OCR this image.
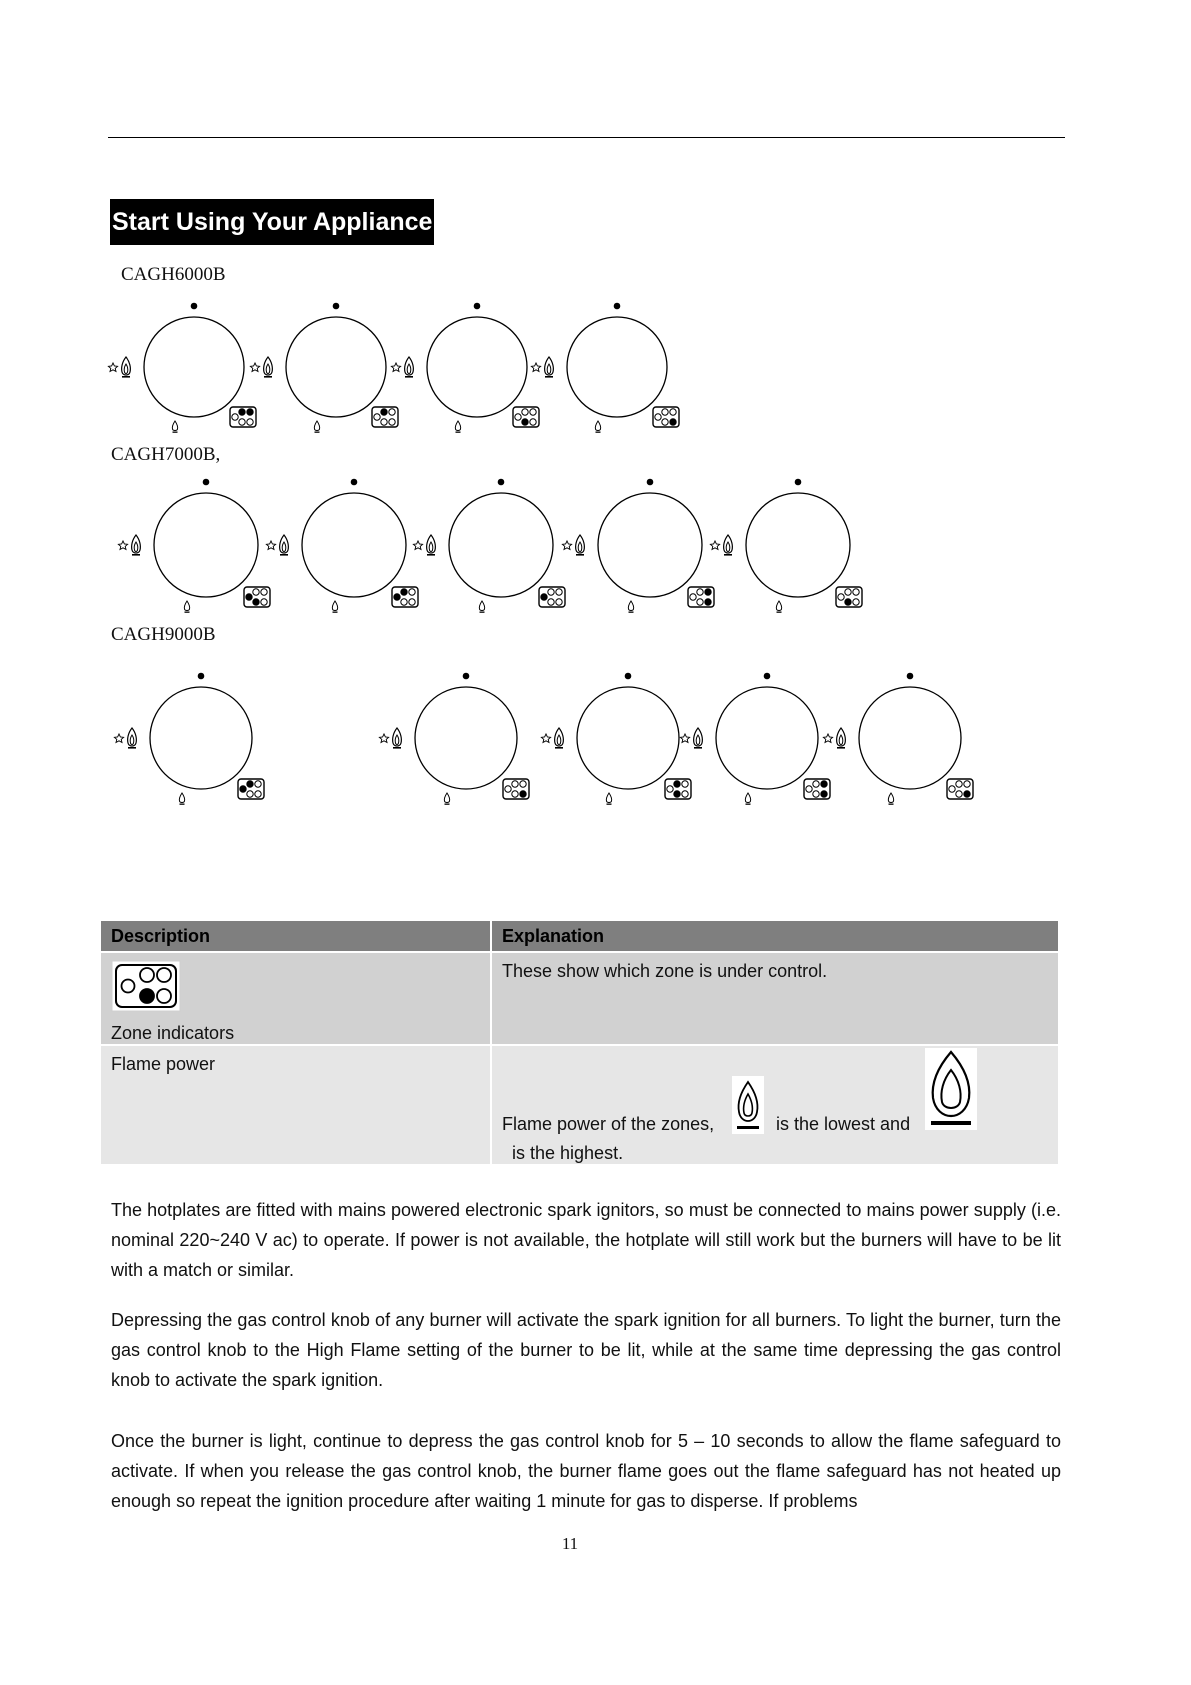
Start Using Your Appliance
CAGH6000B
CAGH7000B,
CAGH9000B
Description	Explanation

Zone indicators	These show which zone is under control.

Flame power	Flame power of the zones, is the lowest and
is the highest.
The hotplates are fitted with mains powered electronic spark ignitors, so must be connected to mains power supply (i.e. nominal 220~240 V ac) to operate. If power is not available, the hotplate will still work but the burners will have to be lit with a match or similar.
Depressing the gas control knob of any burner will activate the spark ignition for all burners. To light the burner, turn the gas control knob to the High Flame setting of the burner to be lit, while at the same time depressing the gas control knob to activate the spark ignition.
Once the burner is light, continue to depress the gas control knob for 5 – 10 seconds to allow the flame safeguard to activate. If when you release the gas control knob, the burner flame goes out the flame safeguard has not heated up enough so repeat the ignition procedure after waiting 1 minute for gas to disperse. If problems
11
